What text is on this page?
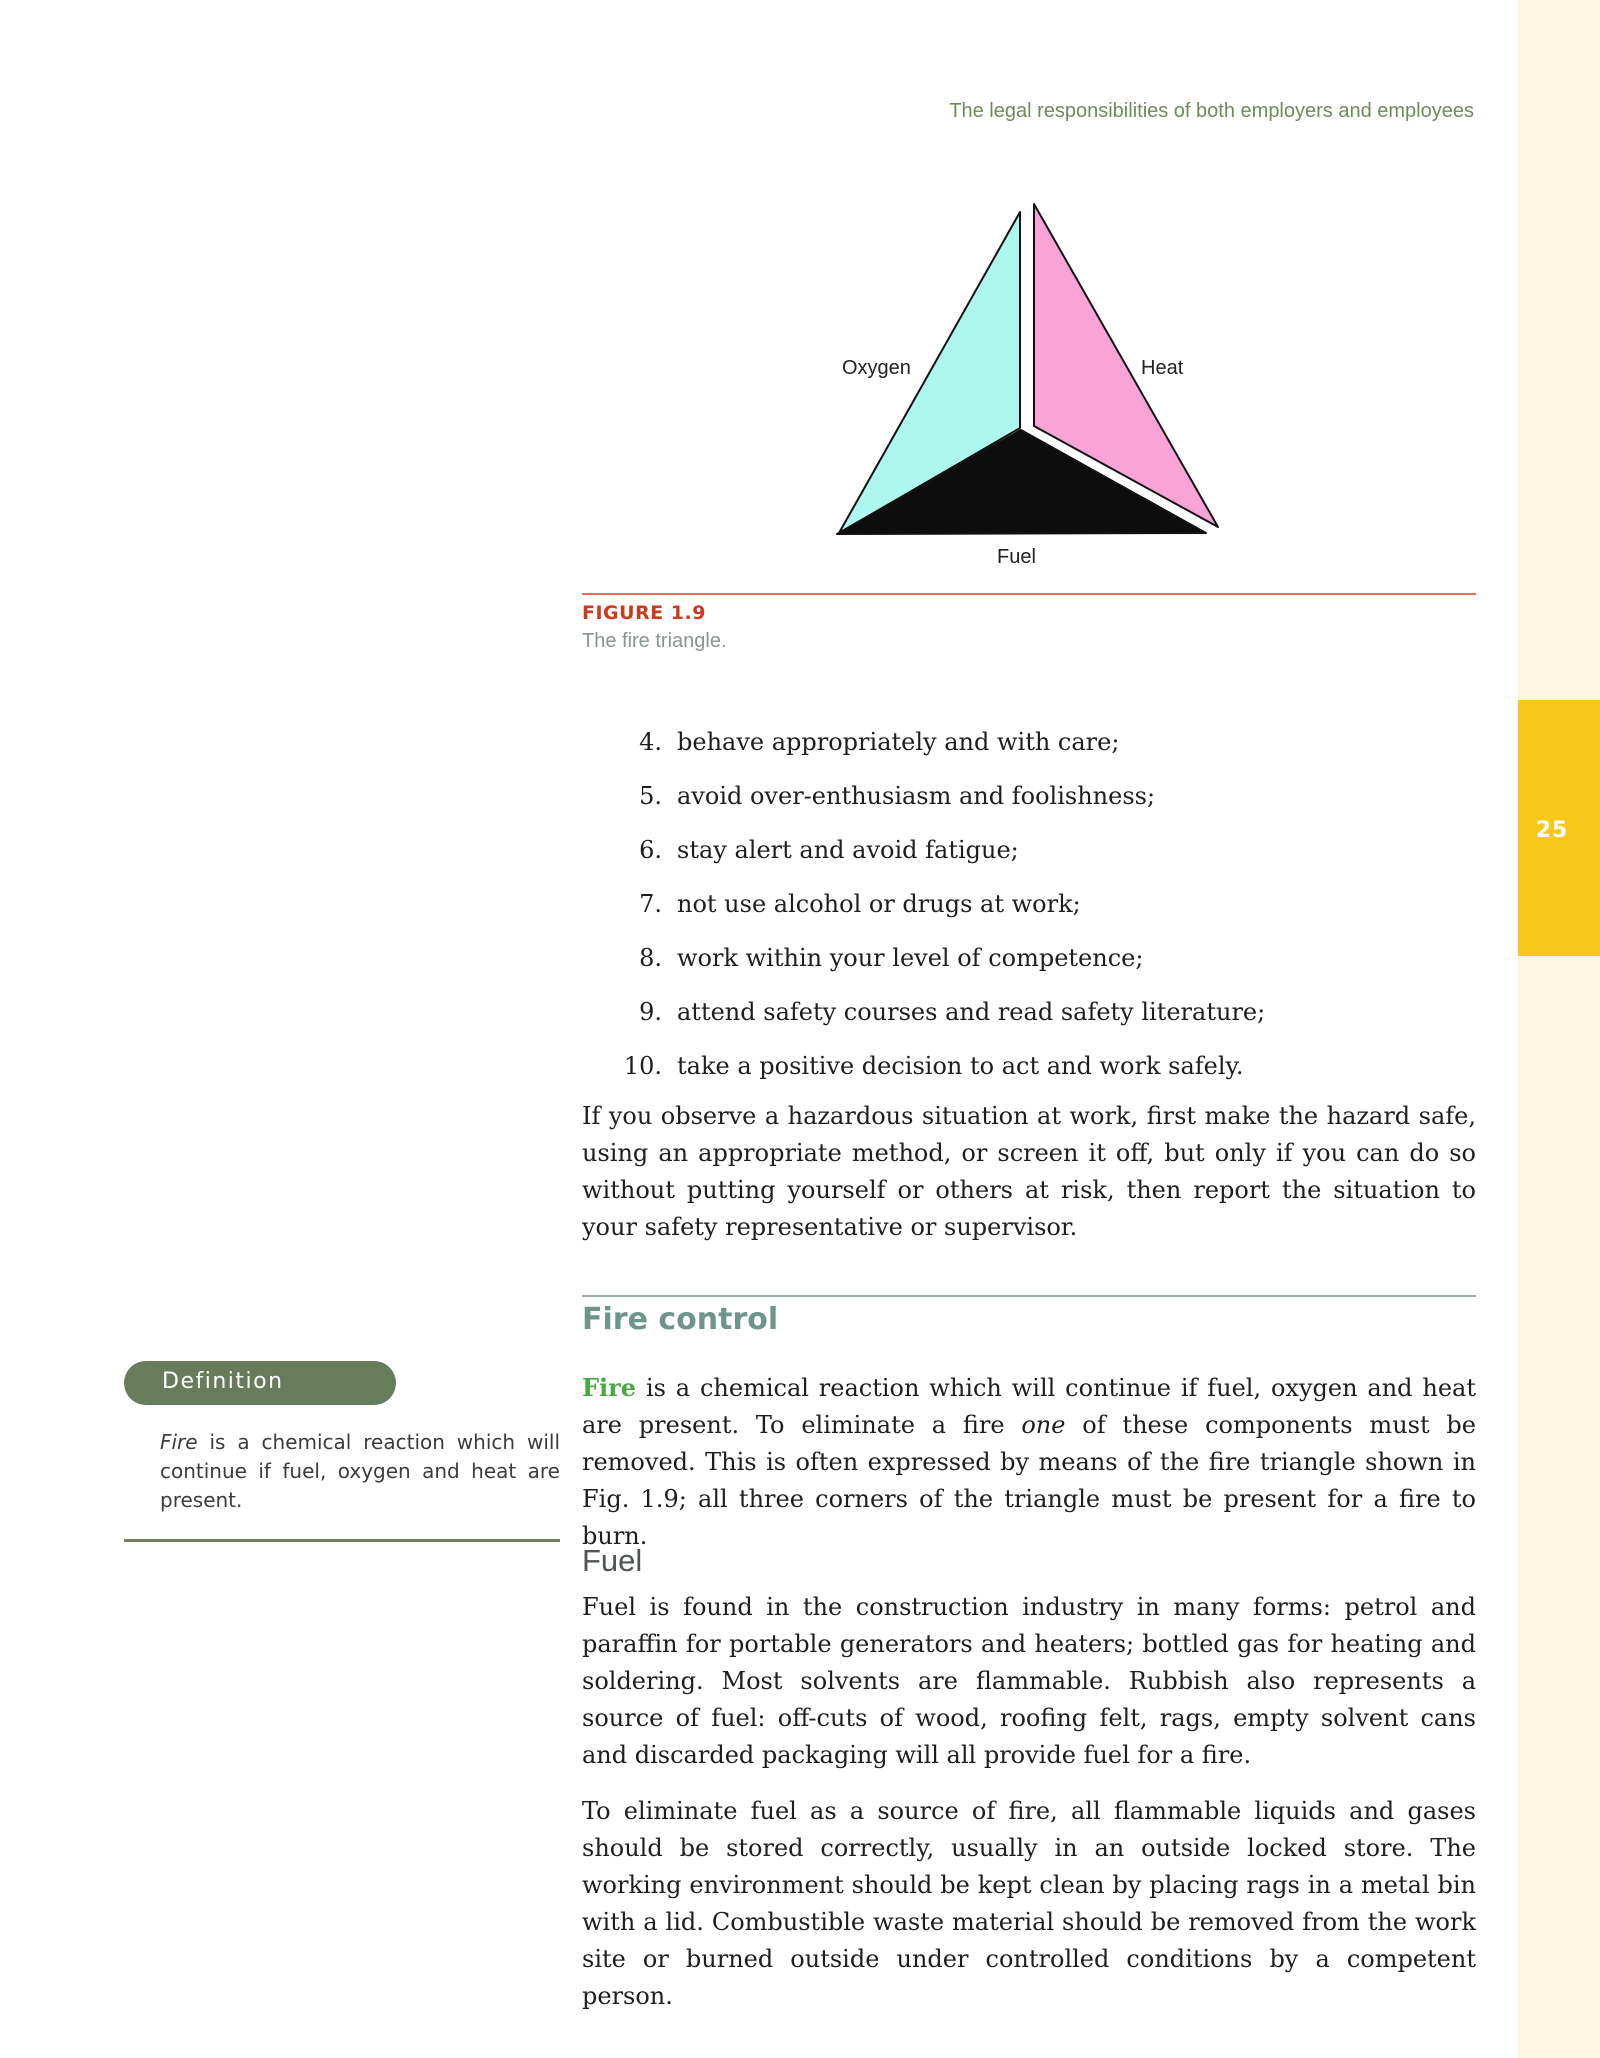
25
The legal responsibilities of both employers and employees
Oxygen	Heat
Fuel
FIGURE 1.9
The fire triangle.
4. behave appropriately and with care;
5. avoid over-enthusiasm and foolishness;
6. stay alert and avoid fatigue;
7. not use alcohol or drugs at work;
8. work within your level of competence;
9. attend safety courses and read safety literature;
10. take a positive decision to act and work safely.

If you observe a hazardous situation at work, first make the hazard safe, using an appropriate method, or screen it off, but only if you can do so without putting yourself or others at risk, then report the situation to your safety representative or supervisor.

Fire control

Fire is a chemical reaction which will continue if fuel, oxygen and heat are present. To eliminate a fire one of these components must be removed. This is often expressed by means of the fire triangle shown in Fig. 1.9; all three corners of the triangle must be present for a fire to burn.

Fuel

Fuel is found in the construction industry in many forms: petrol and paraffin for portable generators and heaters; bottled gas for heating and soldering. Most solvents are flammable. Rubbish also represents a source of fuel: off-cuts of wood, roofing felt, rags, empty solvent cans and discarded packaging will all provide fuel for a fire.

To eliminate fuel as a source of fire, all flammable liquids and gases should be stored correctly, usually in an outside locked store. The working environment should be kept clean by placing rags in a metal bin with a lid. Combustible waste material should be removed from the work site or burned outside under controlled conditions by a competent person.

Definition

Fire is a chemical reaction which will continue if fuel, oxygen and heat are present.
